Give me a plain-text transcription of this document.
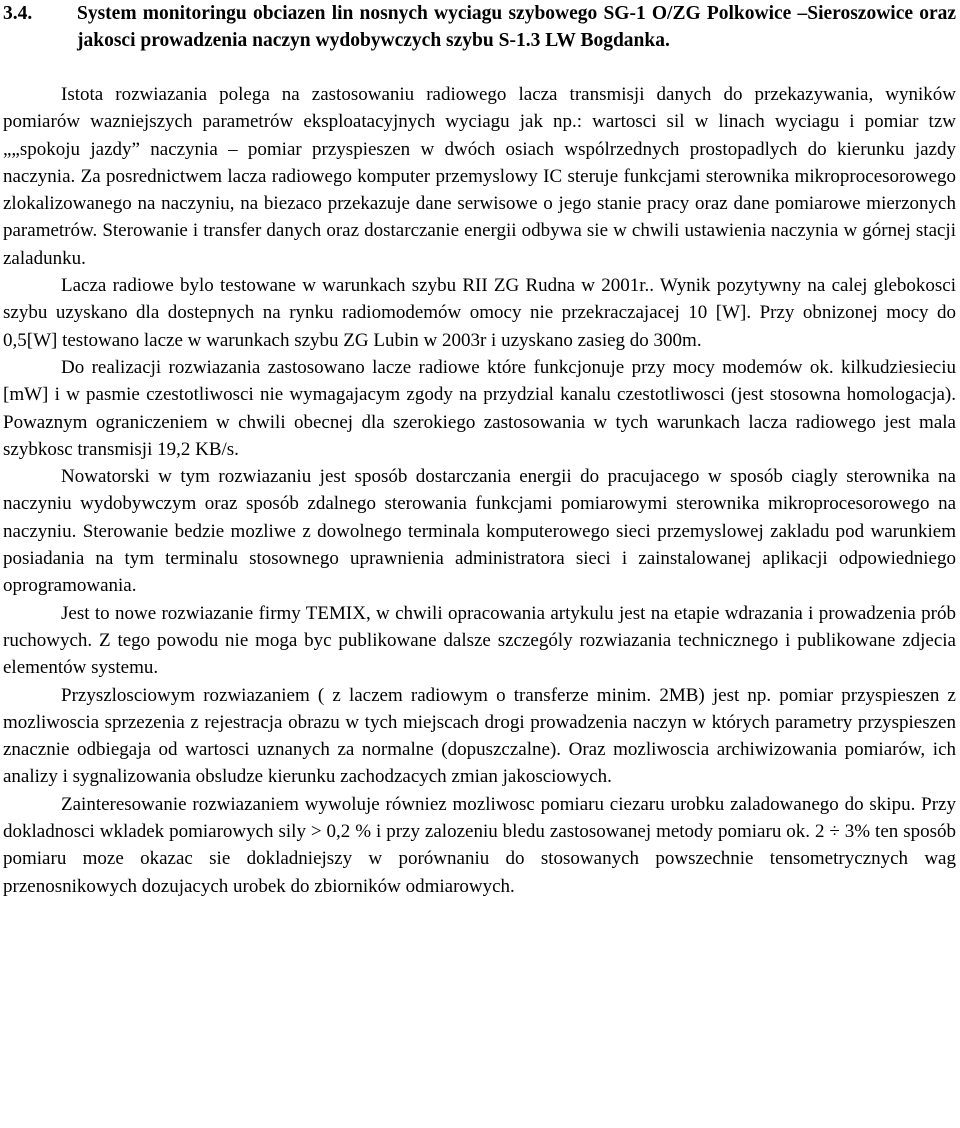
3.4.	System monitoringu obciazen lin nosnych wyciagu szybowego SG-1 O/ZG Polkowice –Sieroszowice oraz jakosci prowadzenia naczyn wydobywczych szybu S-1.3 LW Bogdanka.

Istota rozwiazania polega na zastosowaniu radiowego lacza transmisji danych do przekazywania, wyników pomiarów wazniejszych parametrów eksploatacyjnych wyciagu jak np.: wartosci sil w linach wyciagu i pomiar tzw „„spokoju jazdy” naczynia – pomiar przyspieszen w dwóch osiach wspólrzednych prostopadlych do kierunku jazdy naczynia. Za posrednictwem lacza radiowego komputer przemyslowy IC steruje funkcjami sterownika mikroprocesorowego zlokalizowanego na naczyniu, na biezaco przekazuje dane serwisowe o jego stanie pracy oraz dane pomiarowe mierzonych parametrów. Sterowanie i transfer danych oraz dostarczanie energii odbywa sie w chwili ustawienia naczynia w górnej stacji zaladunku.

Lacza radiowe bylo testowane w warunkach szybu RII ZG Rudna w 2001r.. Wynik pozytywny na calej glebokosci szybu uzyskano dla dostepnych na rynku radiomodemów omocy nie przekraczajacej 10 [W]. Przy obnizonej mocy do 0,5[W] testowano lacze w warunkach szybu ZG Lubin w 2003r i uzyskano zasieg do 300m.

Do realizacji rozwiazania zastosowano lacze radiowe które funkcjonuje przy mocy modemów ok. kilkudziesieciu [mW] i w pasmie czestotliwosci nie wymagajacym zgody na przydzial kanalu czestotliwosci (jest stosowna homologacja). Powaznym ograniczeniem w chwili obecnej dla szerokiego zastosowania w tych warunkach lacza radiowego jest mala szybkosc transmisji 19,2 KB/s.

Nowatorski w tym rozwiazaniu jest sposób dostarczania energii do pracujacego w sposób ciagly sterownika na naczyniu wydobywczym oraz sposób zdalnego sterowania funkcjami pomiarowymi sterownika mikroprocesorowego na naczyniu. Sterowanie bedzie mozliwe z dowolnego terminala komputerowego sieci przemyslowej zakladu pod warunkiem posiadania na tym terminalu stosownego uprawnienia administratora sieci i zainstalowanej aplikacji odpowiedniego oprogramowania.

Jest to nowe rozwiazanie firmy TEMIX, w chwili opracowania artykulu jest na etapie wdrazania i prowadzenia prób ruchowych. Z tego powodu nie moga byc publikowane dalsze szczególy rozwiazania technicznego i publikowane zdjecia elementów systemu.

Przyszlosciowym rozwiazaniem ( z laczem radiowym o transferze minim. 2MB) jest np. pomiar przyspieszen z mozliwoscia sprzezenia z rejestracja obrazu w tych miejscach drogi prowadzenia naczyn w których parametry przyspieszen znacznie odbiegaja od wartosci uznanych za normalne (dopuszczalne). Oraz mozliwoscia archiwizowania pomiarów, ich analizy i sygnalizowania obsludze kierunku zachodzacych zmian jakosciowych.

Zainteresowanie rozwiazaniem wywoluje równiez mozliwosc pomiaru ciezaru urobku zaladowanego do skipu. Przy dokladnosci wkladek pomiarowych sily > 0,2 % i przy zalozeniu bledu zastosowanej metody pomiaru ok. 2 ÷ 3% ten sposób pomiaru moze okazac sie dokladniejszy w porównaniu do stosowanych powszechnie tensometrycznych wag przenosnikowych dozujacych urobek do zbiorników odmiarowych.
